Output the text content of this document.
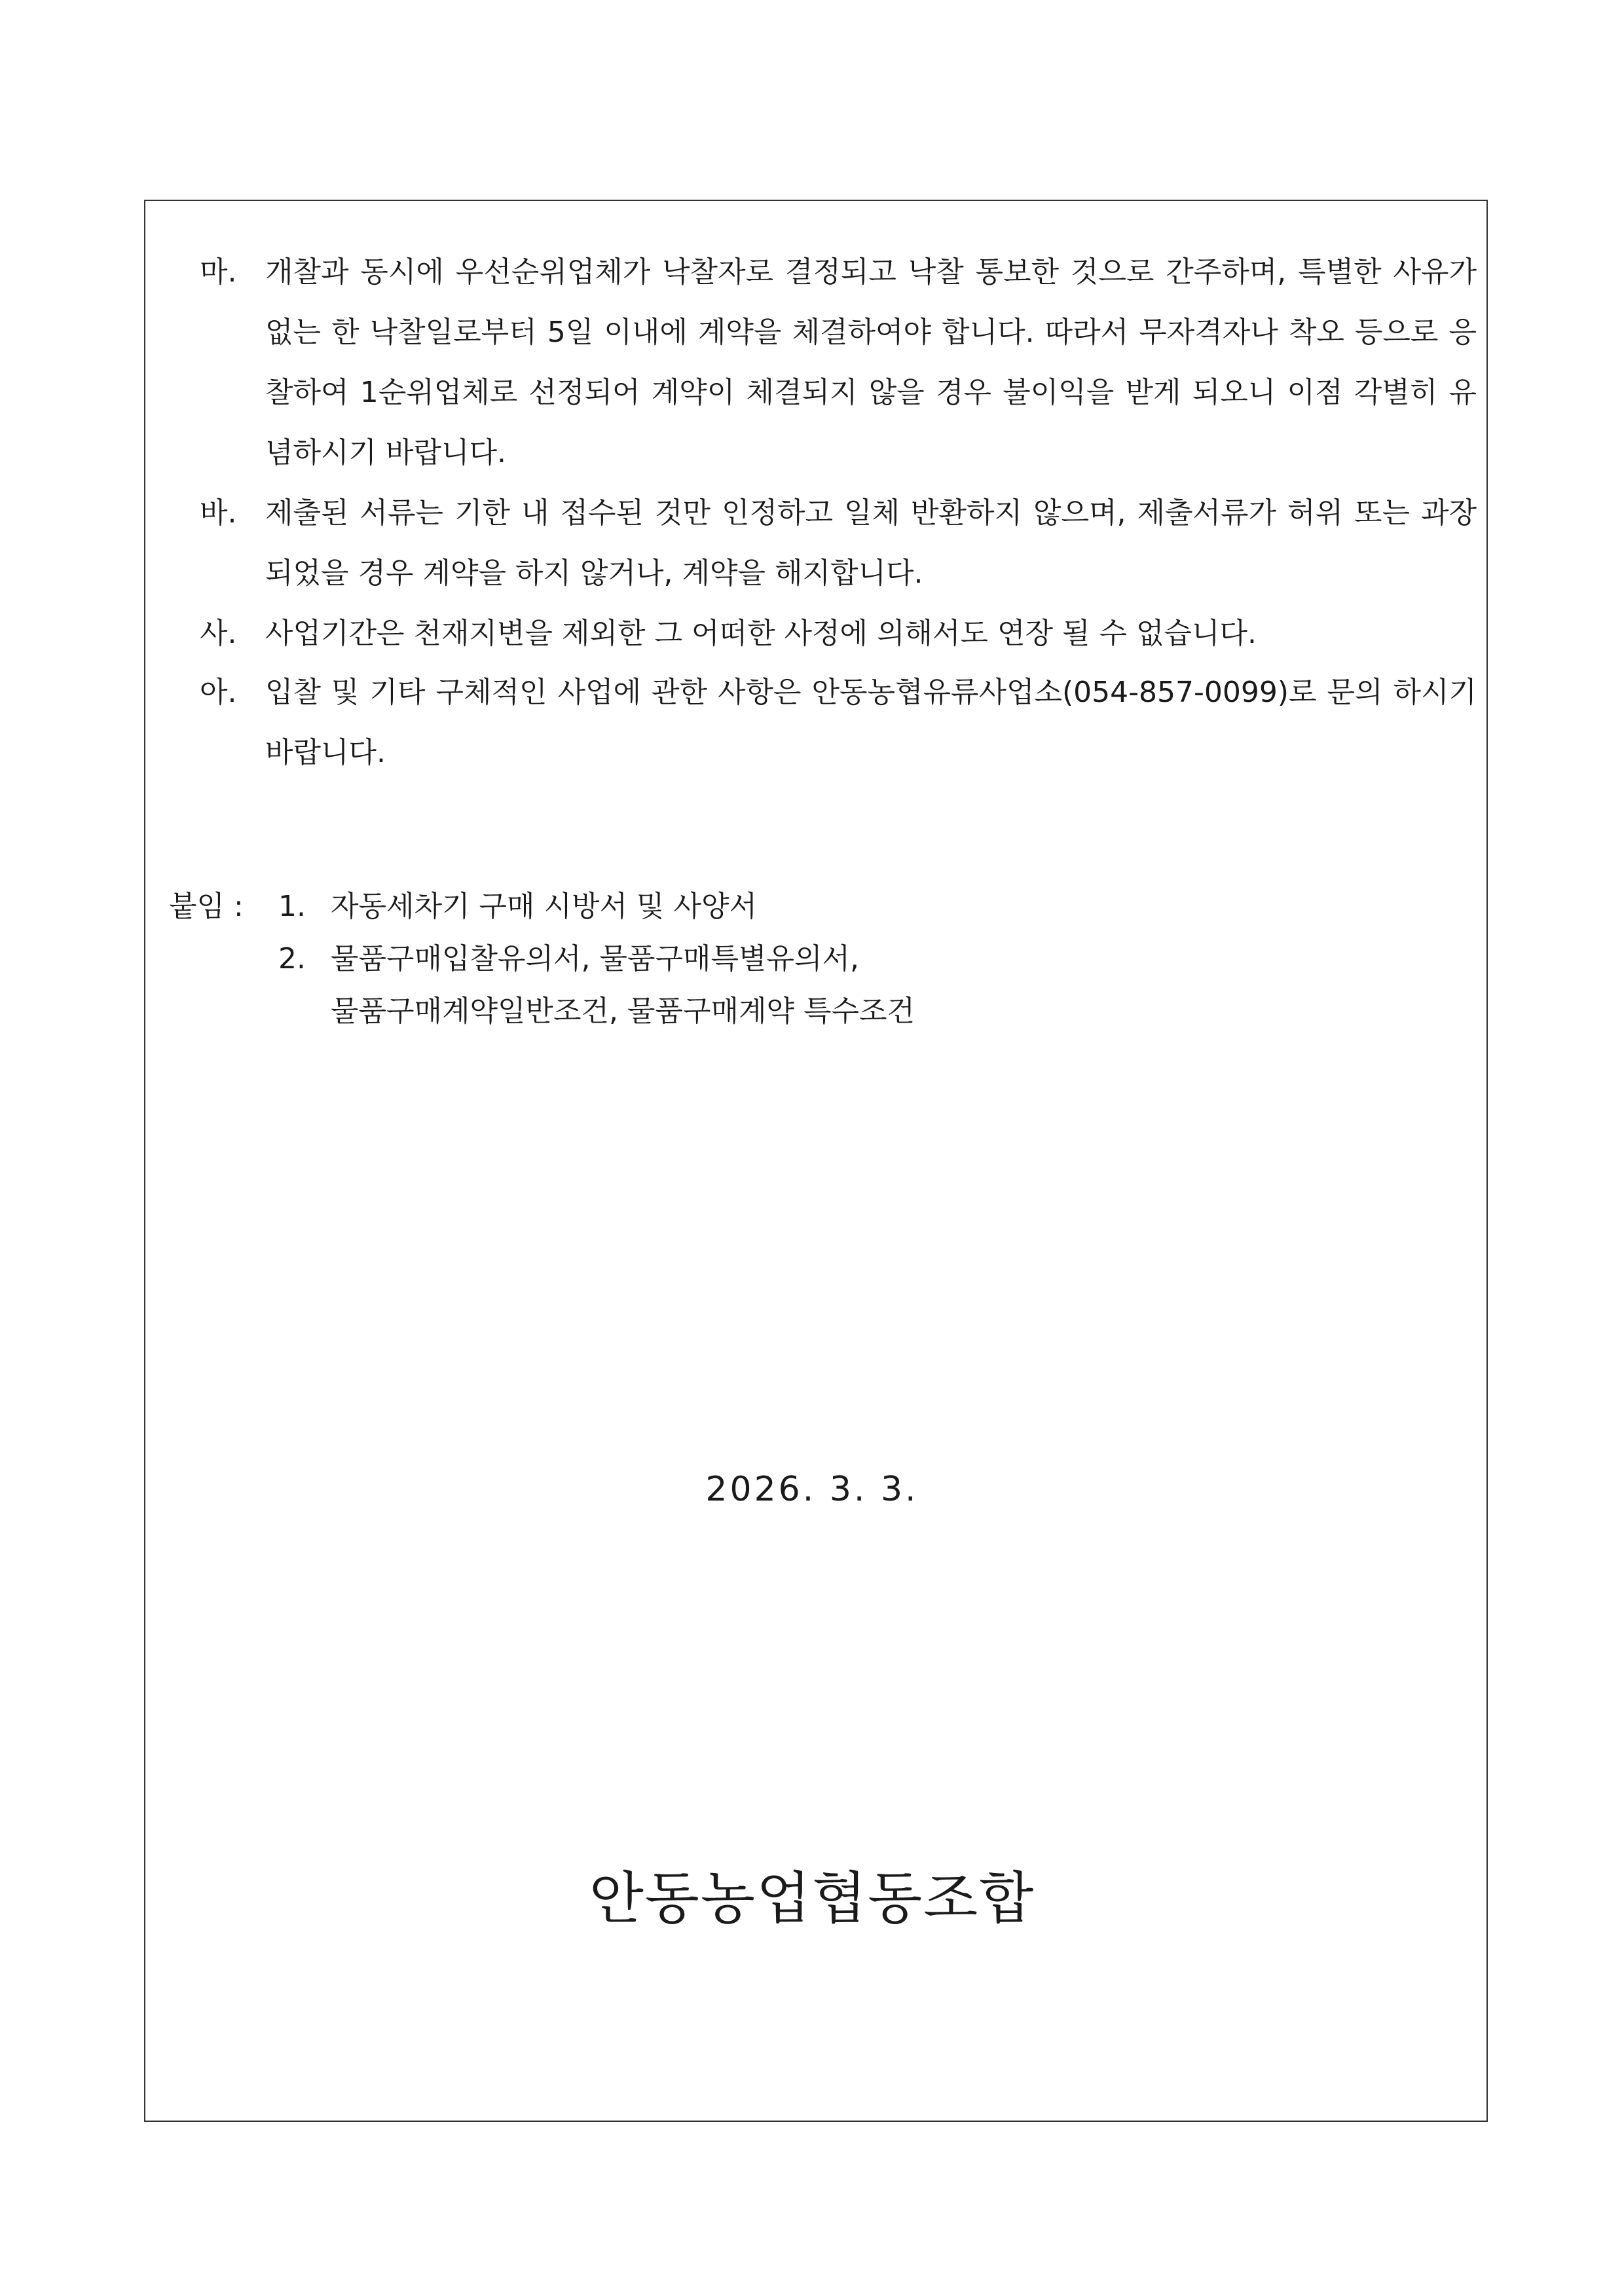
마. 개찰과 동시에 우선순위업체가 낙찰자로 결정되고 낙찰 통보한 것으로 간주하며, 특별한 사유가 없는 한 낙찰일로부터 5일 이내에 계약을 체결하여야 합니다. 따라서 무자격자나 착오 등으로 응찰하여 1순위업체로 선정되어 계약이 체결되지 않을 경우 불이익을 받게 되오니 이점 각별히 유념하시기 바랍니다.
바. 제출된 서류는 기한 내 접수된 것만 인정하고 일체 반환하지 않으며, 제출서류가 허위 또는 과장되었을 경우 계약을 하지 않거나, 계약을 해지합니다.
사. 사업기간은 천재지변을 제외한 그 어떠한 사정에 의해서도 연장 될 수 없습니다.
아. 입찰 및 기타 구체적인 사업에 관한 사항은 안동농협유류사업소(054-857-0099)로 문의 하시기 바랍니다.
붙임 : 1. 자동세차기 구매 시방서 및 사양서
2. 물품구매입찰유의서, 물품구매특별유의서,
물품구매계약일반조건, 물품구매계약 특수조건
2026. 3. 3.
안동농업협동조합
